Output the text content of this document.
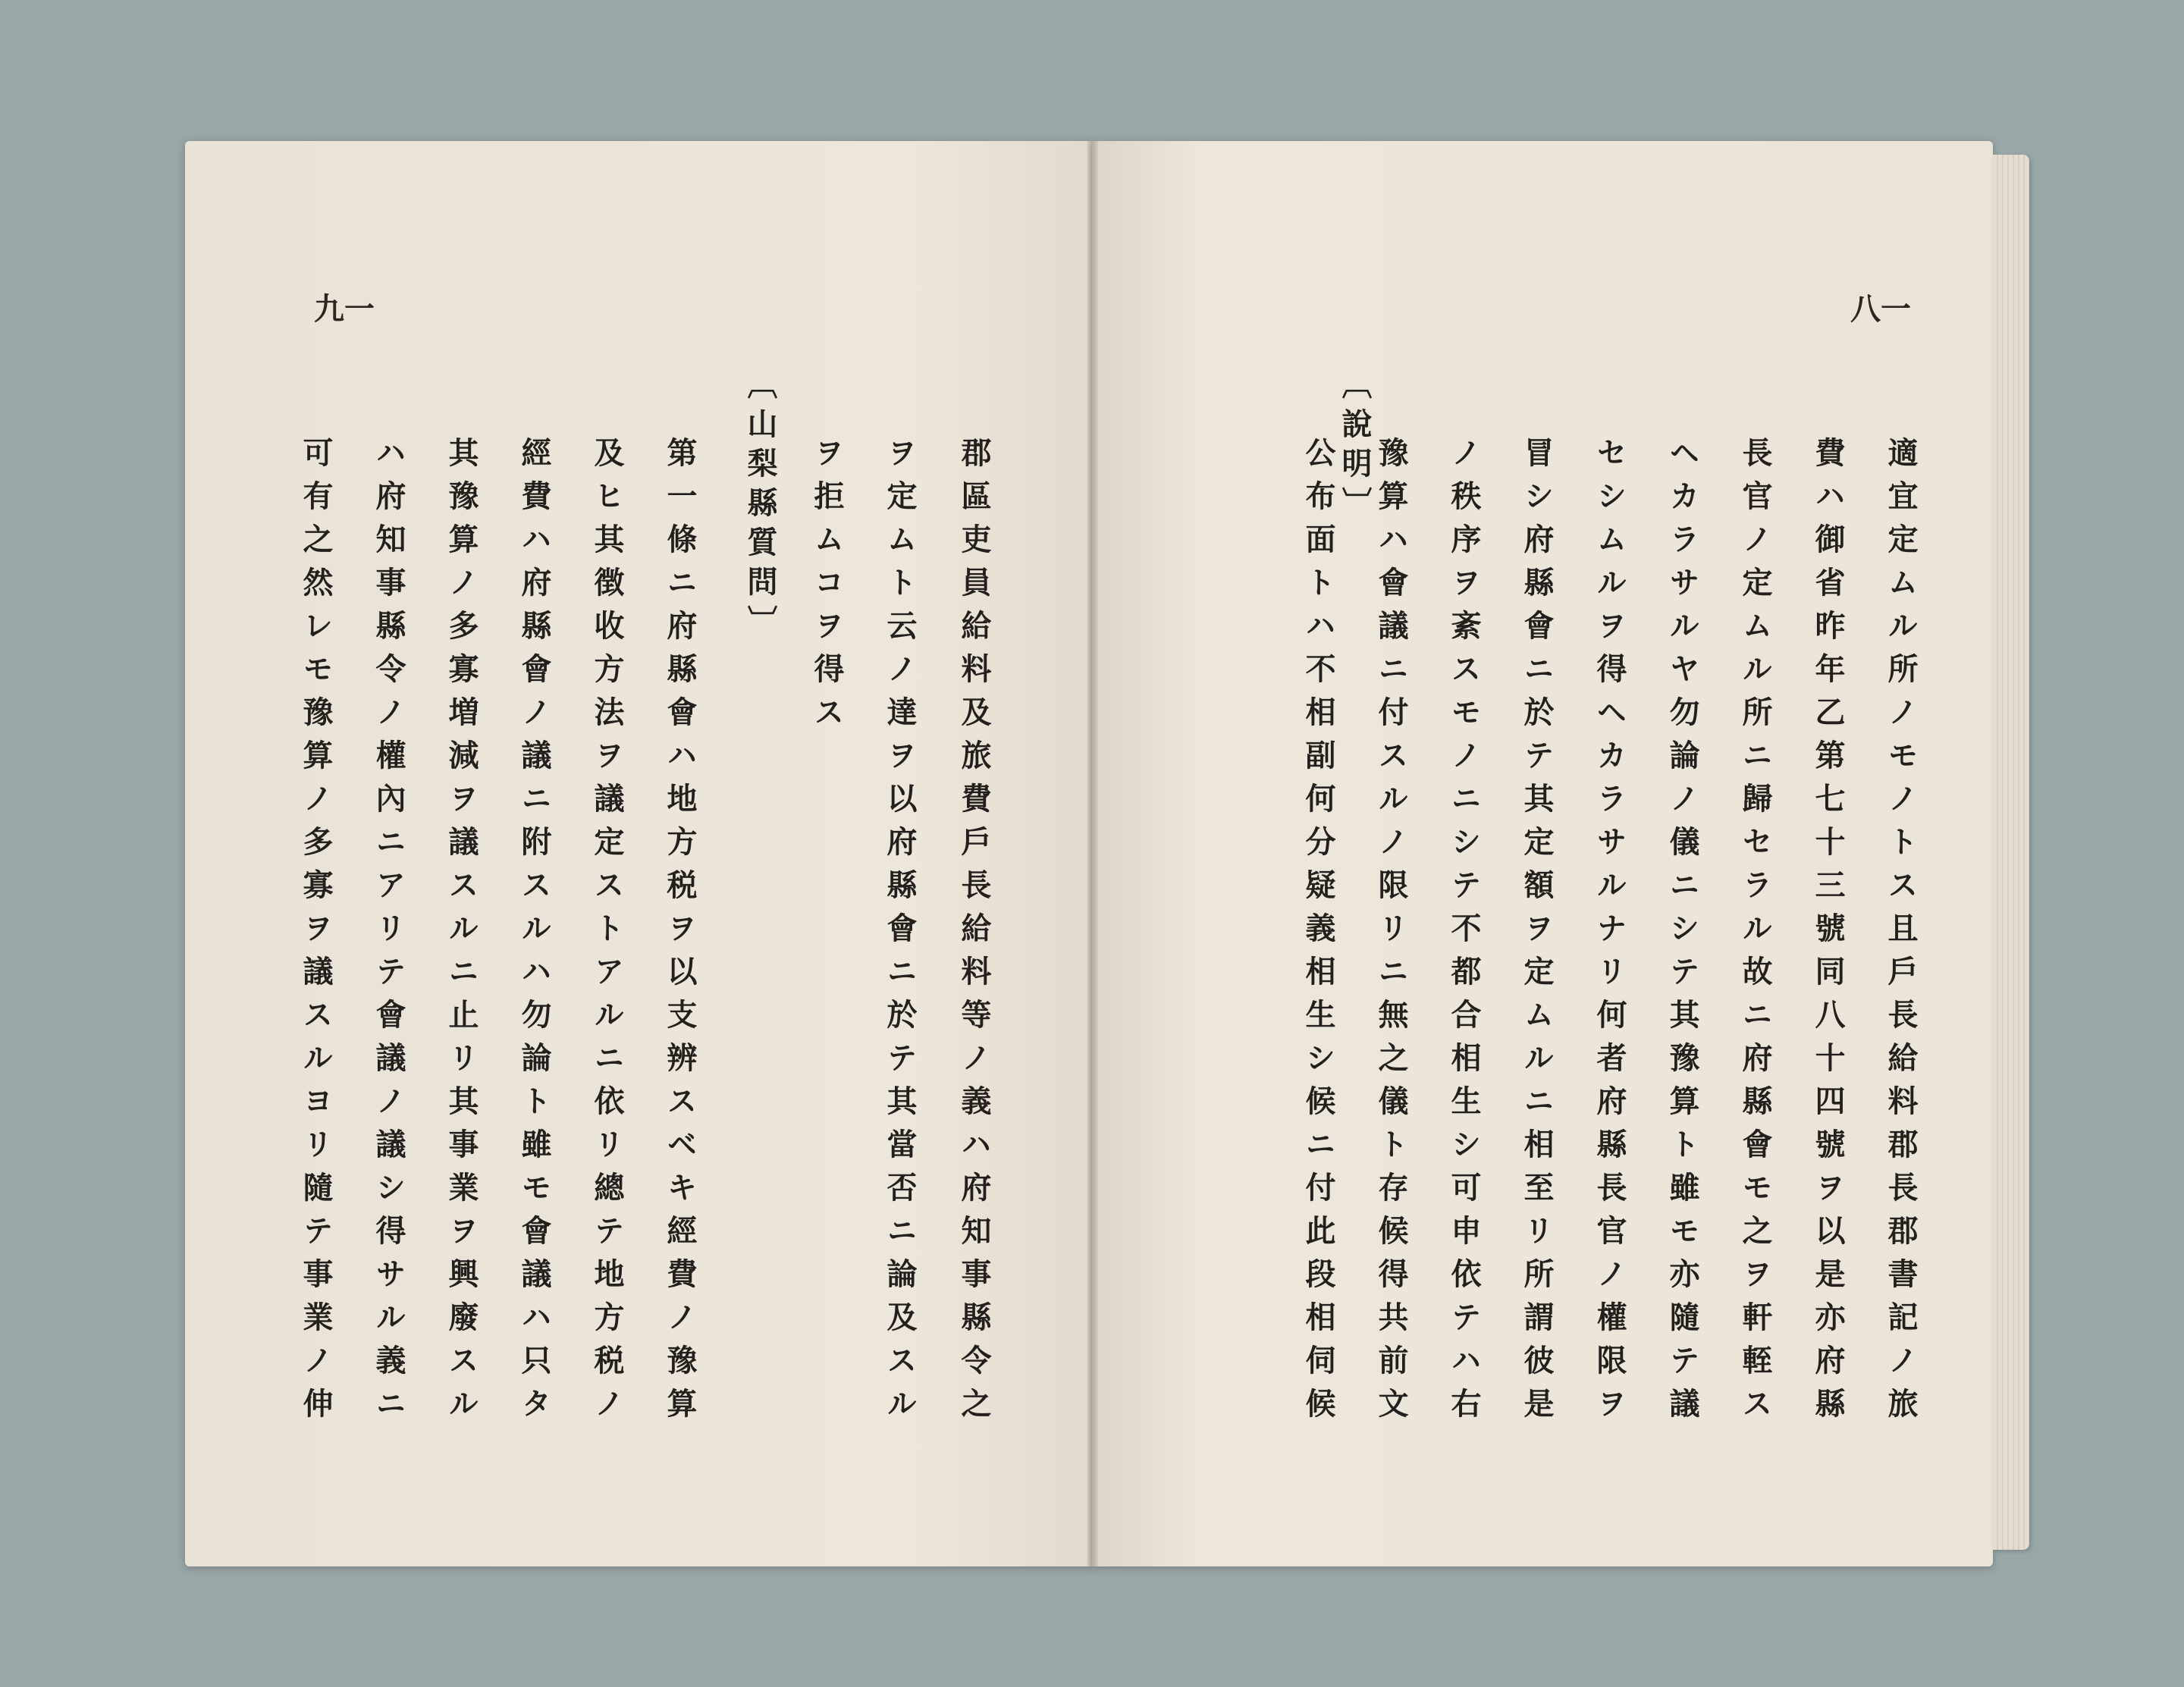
九一
〔山梨縣質問〕	郡區吏員給料及旅費戶長給料等ノ義ハ府知事縣令之
ヲ定ムト云ノ達ヲ以府縣會ニ於テ其當否ニ論及スル
ヲ拒ムコヲ得ス
第一條ニ府縣會ハ地方税ヲ以支辨スベキ經費ノ豫算
及ヒ其徴收方法ヲ議定ストアルニ依リ總テ地方税ノ
經費ハ府縣會ノ議ニ附スルハ勿論ト雖モ會議ハ只タ
其豫算ノ多寡増減ヲ議スルニ止リ其事業ヲ興廢スル
ハ府知事縣令ノ權內ニアリテ會議ノ議シ得サル義ニ
可有之然レモ豫算ノ多寡ヲ議スルヨリ隨テ事業ノ伸
八一
〔說明〕	適宜定ムル所ノモノトス且戶長給料郡長郡書記ノ旅
費ハ御省昨年乙第七十三號同八十四號ヲ以是亦府縣
長官ノ定ムル所ニ歸セラル故ニ府縣會モ之ヲ軒輊ス
ヘカラサルヤ勿論ノ儀ニシテ其豫算ト雖モ亦隨テ議
セシムルヲ得ヘカラサルナリ何者府縣長官ノ權限ヲ
冒シ府縣會ニ於テ其定額ヲ定ムルニ相至リ所謂彼是
ノ秩序ヲ紊スモノニシテ不都合相生シ可申依テハ右
豫算ハ會議ニ付スルノ限リニ無之儀ト存候得共前文
公布面トハ不相副何分疑義相生シ候ニ付此段相伺候
